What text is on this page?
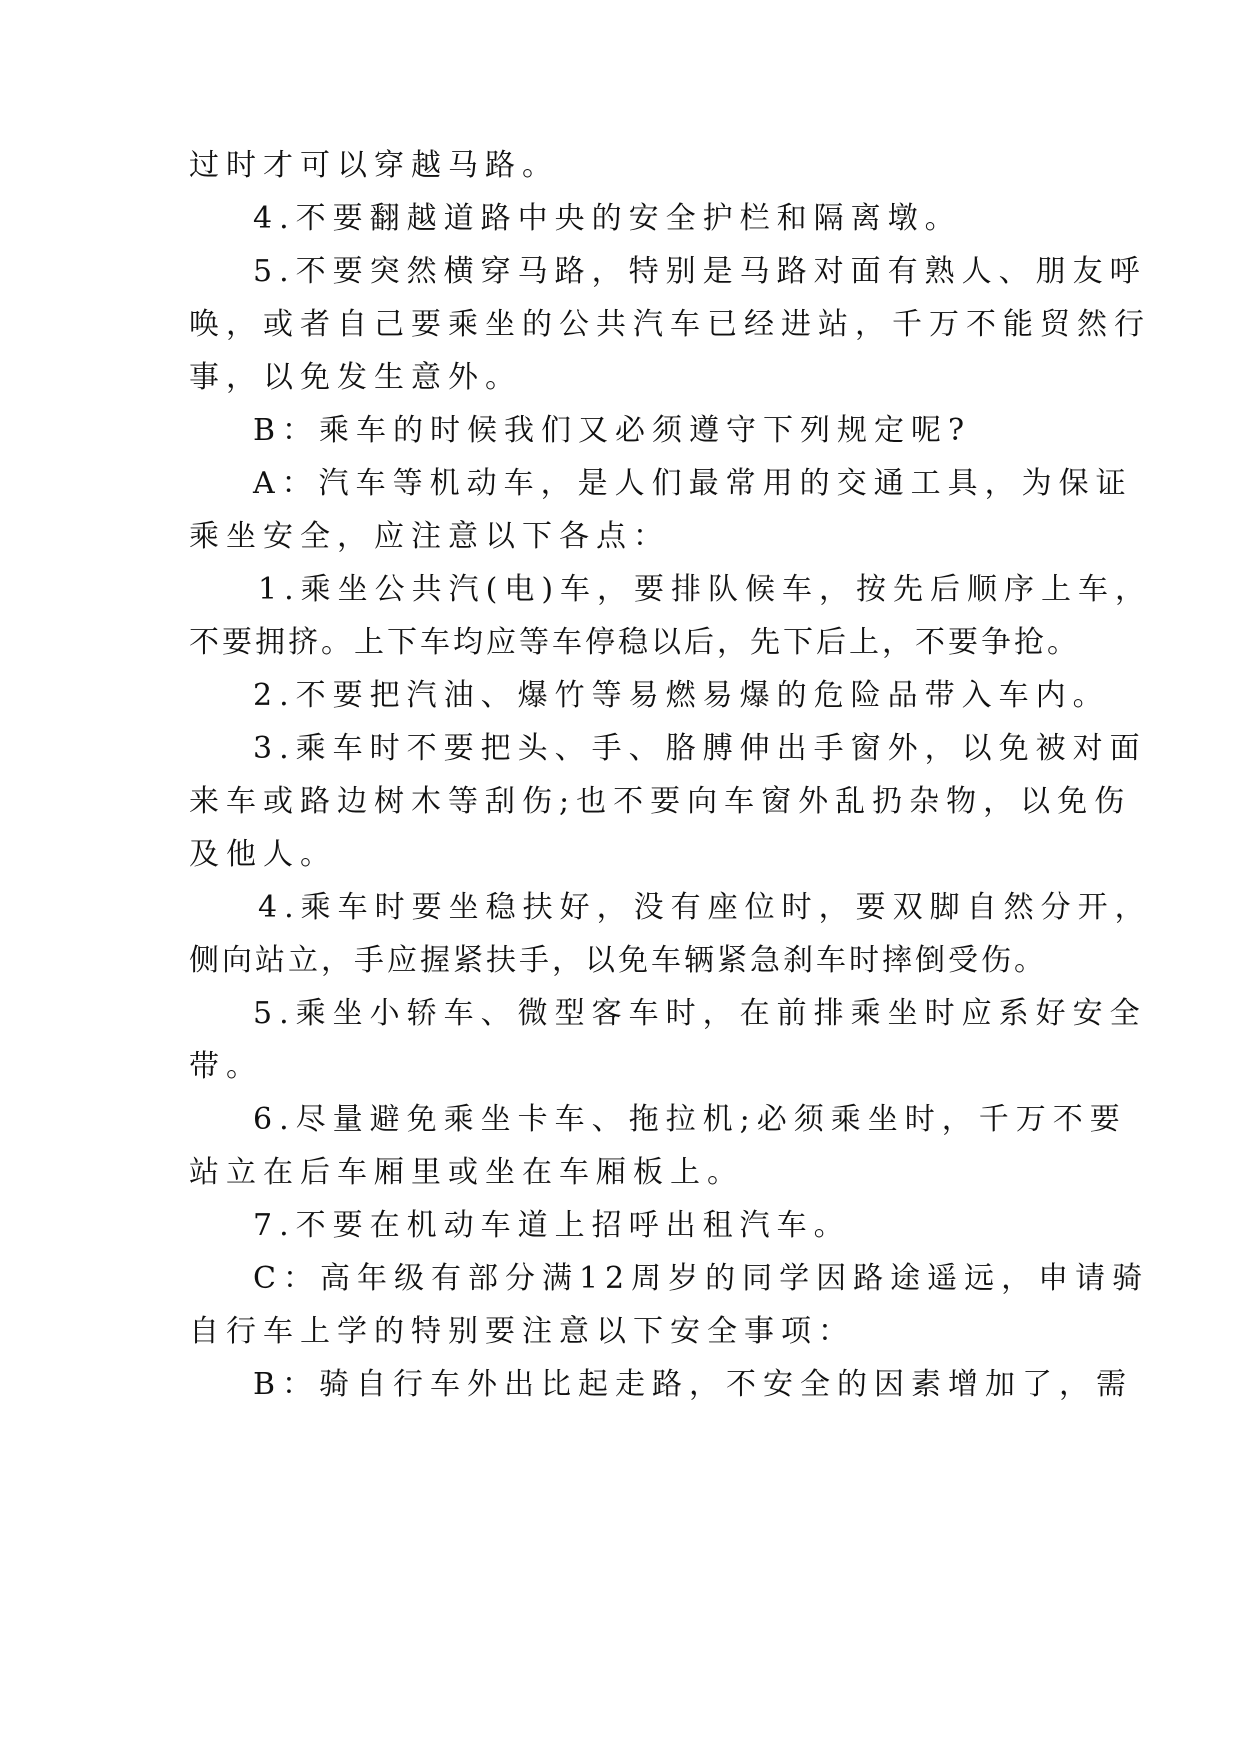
过时才可以穿越马路。
4.不要翻越道路中央的安全护栏和隔离墩。
5.不要突然横穿马路，特别是马路对面有熟人、朋友呼
唤，或者自己要乘坐的公共汽车已经进站，千万不能贸然行
事，以免发生意外。
B：乘车的时候我们又必须遵守下列规定呢?
A：汽车等机动车，是人们最常用的交通工具，为保证
乘坐安全，应注意以下各点：
1.乘坐公共汽(电)车，要排队候车，按先后顺序上车，
不要拥挤。上下车均应等车停稳以后，先下后上，不要争抢。
2.不要把汽油、爆竹等易燃易爆的危险品带入车内。
3.乘车时不要把头、手、胳膊伸出手窗外，以免被对面
来车或路边树木等刮伤;也不要向车窗外乱扔杂物，以免伤
及他人。
4.乘车时要坐稳扶好，没有座位时，要双脚自然分开，
侧向站立，手应握紧扶手，以免车辆紧急刹车时摔倒受伤。
5.乘坐小轿车、微型客车时，在前排乘坐时应系好安全
带。
6.尽量避免乘坐卡车、拖拉机;必须乘坐时，千万不要
站立在后车厢里或坐在车厢板上。
7.不要在机动车道上招呼出租汽车。
C：高年级有部分满12周岁的同学因路途遥远，申请骑
自行车上学的特别要注意以下安全事项：
B：骑自行车外出比起走路，不安全的因素增加了，需
